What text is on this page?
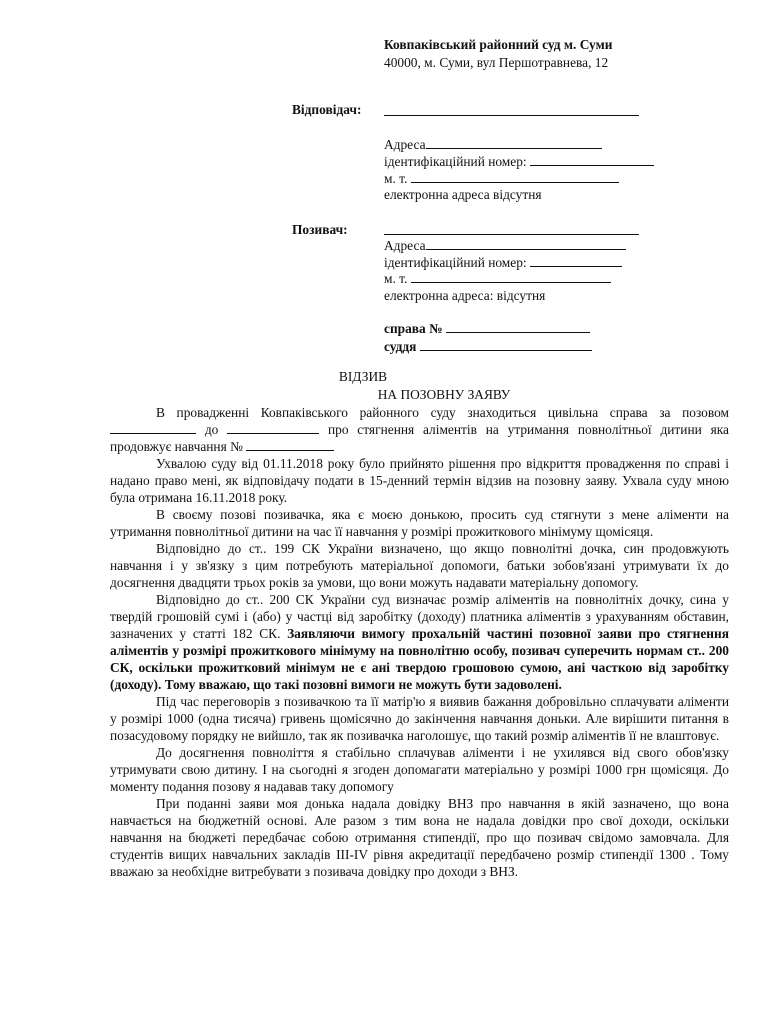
Ковпаківський районний суд м. Суми
40000, м. Суми, вул Першотравнева, 12
Відповідач:
Адреса
ідентифікаційний номер:
м. т.
електронна адреса відсутня
Позивач:
Адреса
ідентифікаційний номер:
м. т.
електронна адреса: відсутня
справа №
суддя
ВІДЗИВ
НА ПОЗОВНУ ЗАЯВУ

В провадженні Ковпаківського районного суду знаходиться цивільна справа за позовом  до	про стягнення аліментів на утримання повнолітньої дитини яка продовжує навчання №

Ухвалою суду від 01.11.2018 року було прийнято рішення про відкриття провадження по справі і надано право мені, як відповідачу подати в 15-денний термін відзив на позовну заяву. Ухвала суду мною була отримана 16.11.2018 року.

В своєму позові позивачка, яка є моєю донькою, просить суд стягнути з мене аліменти на утримання повнолітньої дитини на час її навчання у розмірі прожиткового мінімуму щомісяця.

Відповідно до ст.. 199 СК України визначено, що якщо повнолітні дочка, син продовжують навчання і у зв'язку з цим потребують матеріальної допомоги, батьки зобов'язані утримувати їх до досягнення двадцяти трьох років за умови, що вони можуть надавати матеріальну допомогу.

Відповідно до ст.. 200 СК України суд визначає розмір аліментів на повнолітніх дочку, сина у твердій грошовій сумі і (або) у частці від заробітку (доходу) платника аліментів з урахуванням обставин, зазначених у статті 182 СК. Заявляючи вимогу прохальній частині позовної заяви про стягнення аліментів у розмірі прожиткового мінімуму на повнолітню особу, позивач суперечить нормам ст.. 200 СК, оскільки прожитковий мінімум не є ані твердою грошовою сумою, ані часткою від заробітку (доходу). Тому вважаю, що такі позовні вимоги не можуть бути задоволені.

Під час переговорів з позивачкою та її матір'ю я виявив бажання добровільно сплачувати аліменти у розмірі 1000 (одна тисяча) гривень щомісячно до закінчення навчання доньки. Але вирішити питання в позасудовому порядку не вийшло, так як позивачка наголошує, що такий розмір аліментів її не влаштовує.

До досягнення повноліття я стабільно сплачував аліменти і не ухилявся від свого обов'язку утримувати свою дитину. І на сьогодні я згоден допомагати матеріально у розмірі 1000 грн щомісяця. До моменту подання позову я надавав таку допомогу

При поданні заяви моя донька надала довідку ВНЗ про навчання в якій зазначено, що вона навчається на бюджетній основі. Але разом з тим вона не надала довідки про свої доходи, оскільки навчання на бюджеті передбачає собою отримання стипендії, про що позивач свідомо замовчала. Для студентів вищих навчальних закладів ІІІ-ІV рівня акредитації передбачено розмір стипендії 1300 . Тому вважаю за необхідне витребувати з позивача довідку про доходи з ВНЗ.
